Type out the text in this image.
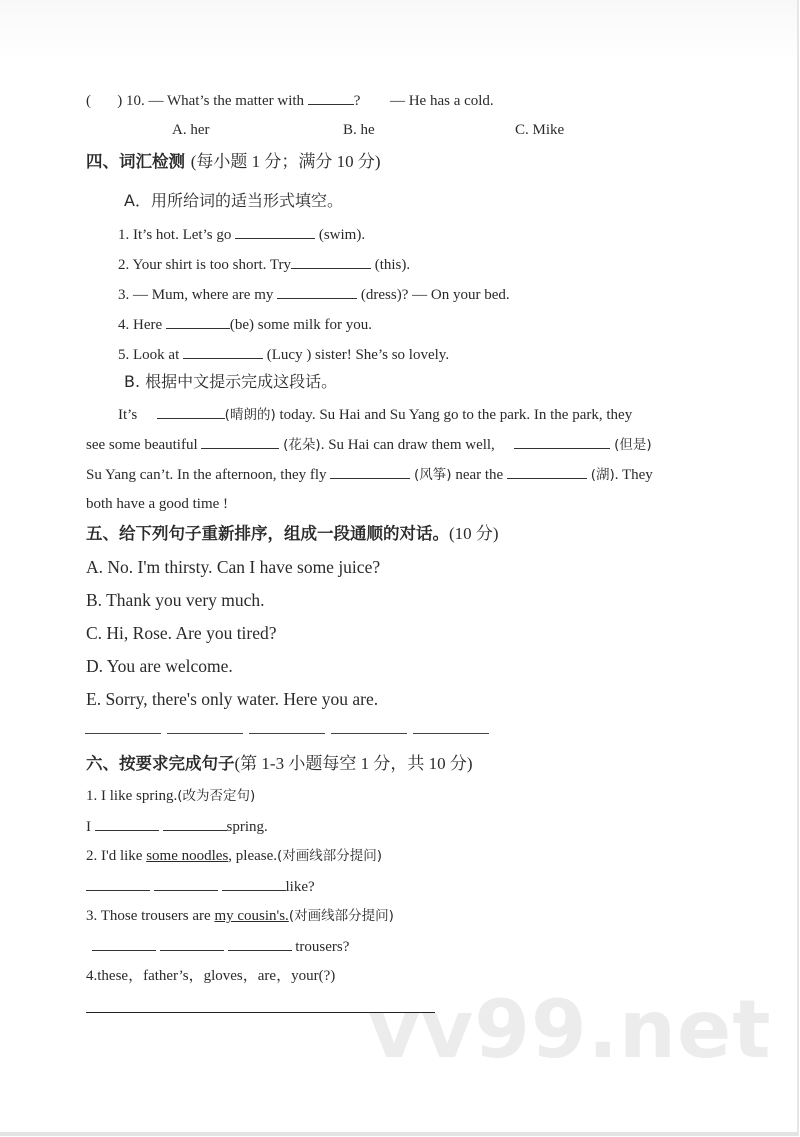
(       ) 10. — What’s the matter with	? — He has a cold.
A. her	B. he	C. Mike
四、词汇检测 (每小题 1 分；满分 10 分)
A．用所给词的适当形式填空。
1. It’s hot. Let’s go	(swim).
2. Your shirt is too short. Try	(this).
3. — Mum, where are my	(dress)? — On your bed.
4. Here	(be) some milk for you.
5. Look at	(Lucy ) sister! She’s so lovely.
B. 根据中文提示完成这段话。
It’s	(晴朗的) today. Su Hai and Su Yang go to the park. In the park, they
see some beautiful	(花朵). Su Hai can draw them well,	(但是)
Su Yang can’t. In the afternoon, they fly	(风筝) near the	(湖). They
both have a good time !
五、给下列句子重新排序，组成一段通顺的对话。(10 分)
A. No. I'm thirsty. Can I have some juice?
B. Thank you very much.
C. Hi, Rose. Are you tired?
D. You are welcome.
E. Sorry, there's only water. Here you are.
六、按要求完成句子(第 1-3 小题每空 1 分，共 10 分)
1. I like spring.(改为否定句)
I	spring.
2. I'd like some noodles, please.(对画线部分提问)
like?
3. Those trousers are my cousin's.(对画线部分提问)
trousers?
4.these，father’s，gloves，are，your(?)
vv99.net
